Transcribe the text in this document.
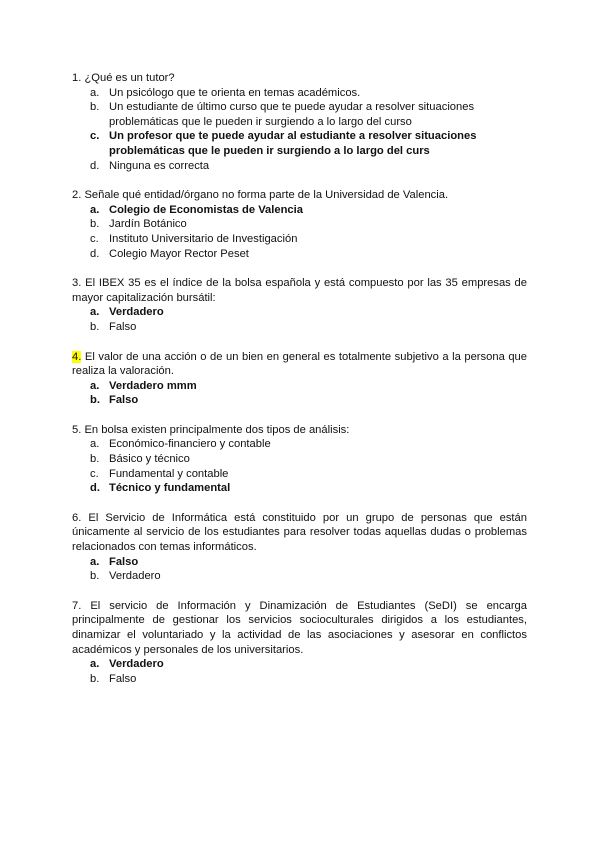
1. ¿Qué es un tutor?
a. Un psicólogo que te orienta en temas académicos.
b. Un estudiante de último curso que te puede ayudar a resolver situaciones problemáticas que le pueden ir surgiendo a lo largo del curso
c. Un profesor que te puede ayudar al estudiante a resolver situaciones problemáticas que le pueden ir surgiendo a lo largo del curs
d. Ninguna es correcta
2. Señale qué entidad/órgano no forma parte de la Universidad de Valencia.
a. Colegio de Economistas de Valencia
b. Jardín Botánico
c. Instituto Universitario de Investigación
d. Colegio Mayor Rector Peset
3. El IBEX 35 es el índice de la bolsa española y está compuesto por las 35 empresas de mayor capitalización bursátil:
a. Verdadero
b. Falso
4. El valor de una acción o de un bien en general es totalmente subjetivo a la persona que realiza la valoración.
a. Verdadero mmm
b. Falso
5. En bolsa existen principalmente dos tipos de análisis:
a. Económico-financiero y contable
b. Básico y técnico
c. Fundamental y contable
d. Técnico y fundamental
6. El Servicio de Informática está constituido por un grupo de personas que están únicamente al servicio de los estudiantes para resolver todas aquellas dudas o problemas relacionados con temas informáticos.
a. Falso
b. Verdadero
7. El servicio de Información y Dinamización de Estudiantes (SeDI) se encarga principalmente de gestionar los servicios socioculturales dirigidos a los estudiantes, dinamizar el voluntariado y la actividad de las asociaciones y asesorar en conflictos académicos y personales de los universitarios.
a. Verdadero
b. Falso
